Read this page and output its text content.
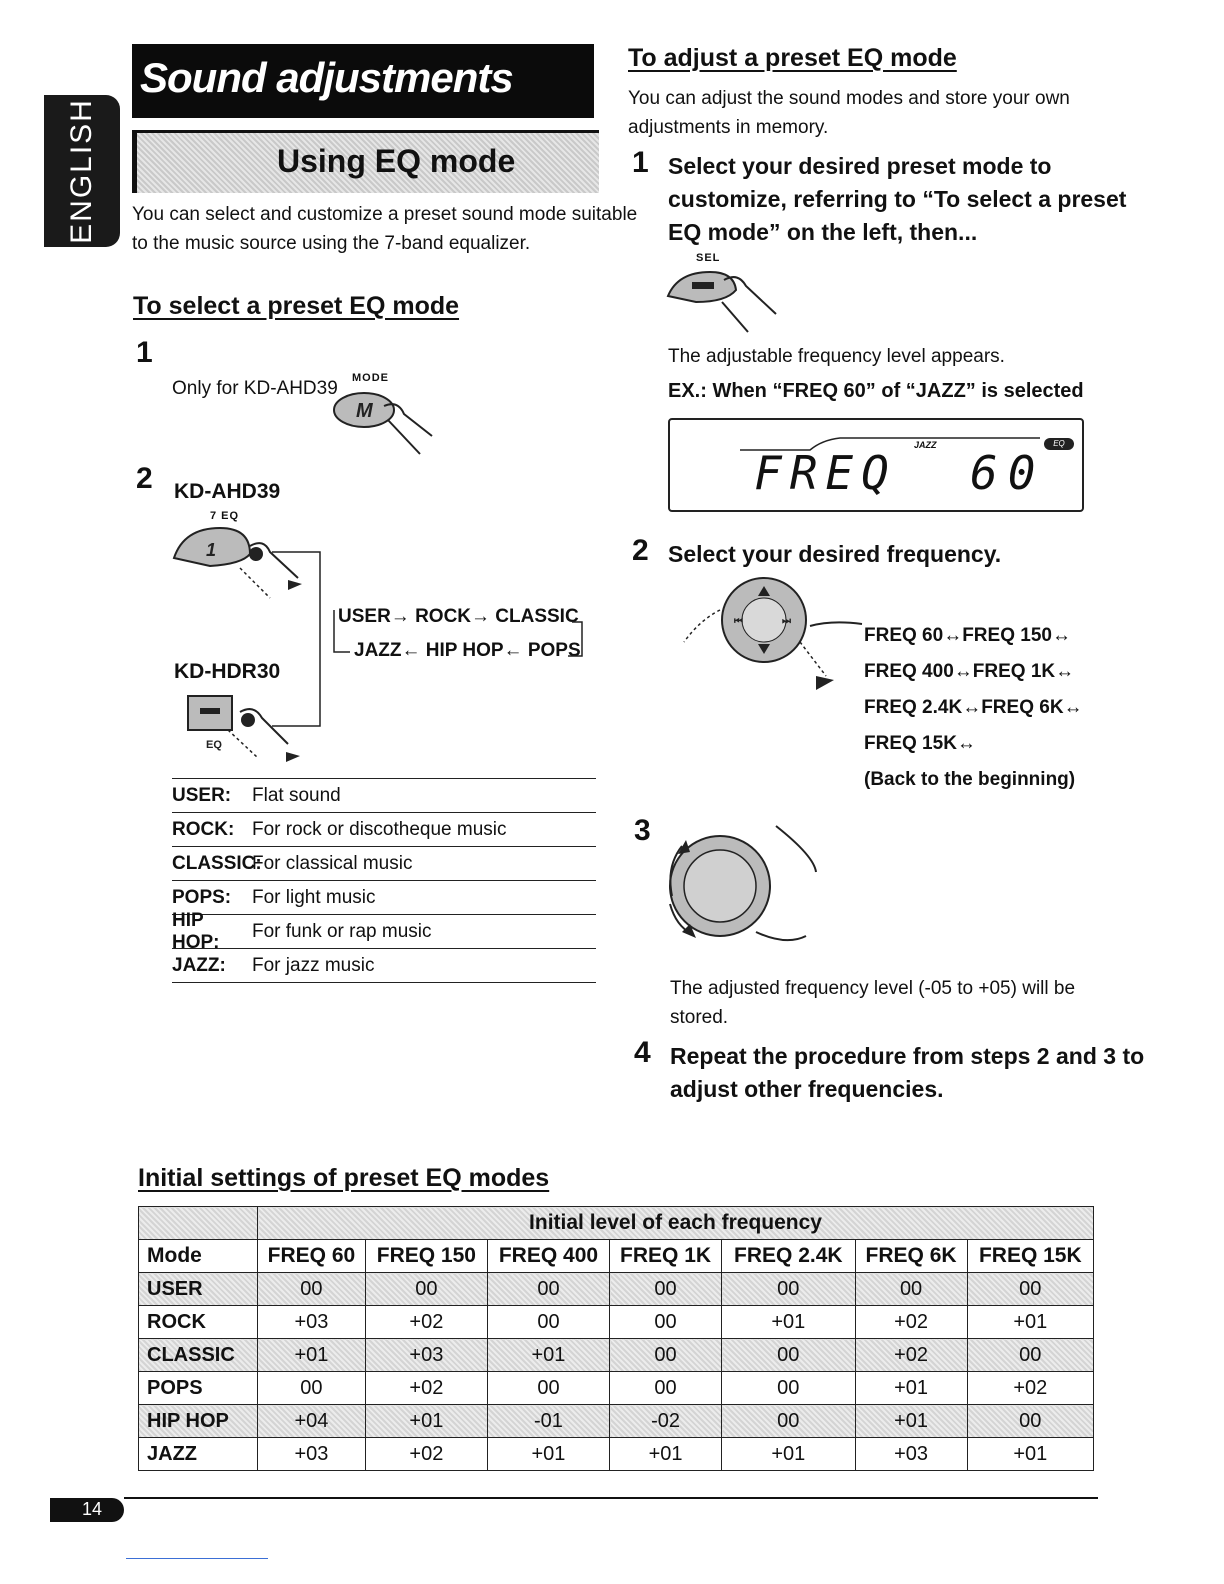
ENGLISH
Sound adjustments
Using EQ mode
You can select and customize a preset sound mode suitable
to the music source using the 7-band equalizer.
To select a preset EQ mode
1
Only for KD-AHD39 MODE
M
2 KD-AHD39
7 EQ
1
KD-HDR30
EQ
USER→ ROCK→ CLASSIC
JAZZ← HIP HOP← POPS
USER:	Flat sound
ROCK: For rock or discotheque music
CLASSIC:
For classical music
POPS:	For light music
HIP HOP:
For funk or rap music
JAZZ:	For jazz music
To adjust a preset EQ mode
You can adjust the sound modes and store your own
adjustments in memory.
1 Select your desired preset mode to
customize, referring to “To select a preset
EQ mode” on the left, then...
SEL
The adjustable frequency level appears.
EX.: When “FREQ 60” of “JAZZ” is selected
JAZZ	EQ
FREQ 60
2 Select your desired frequency.
⏮	⏭
FREQ 60↔FREQ 150↔
FREQ 400↔FREQ 1K↔
FREQ 2.4K↔FREQ 6K↔
FREQ 15K↔
(Back to the beginning)
3
The adjusted frequency level (-05 to +05) will be
stored.
4 Repeat the procedure from steps 2 and 3 to
adjust other frequencies.
Initial settings of preset EQ modes
	Initial level of each frequency						
Mode	FREQ 60	FREQ 150	FREQ 400	FREQ 1K	FREQ 2.4K	FREQ 6K	FREQ 15K
USER	00	00	00	00	00	00	00
ROCK	+03	+02	00	00	+01	+02	+01
CLASSIC	+01	+03	+01	00	00	+02	00
POPS	00	+02	00	00	00	+01	+02
HIP HOP	+04	+01	-01	-02	00	+01	00
JAZZ	+03	+02	+01	+01	+01	+03	+01
14
